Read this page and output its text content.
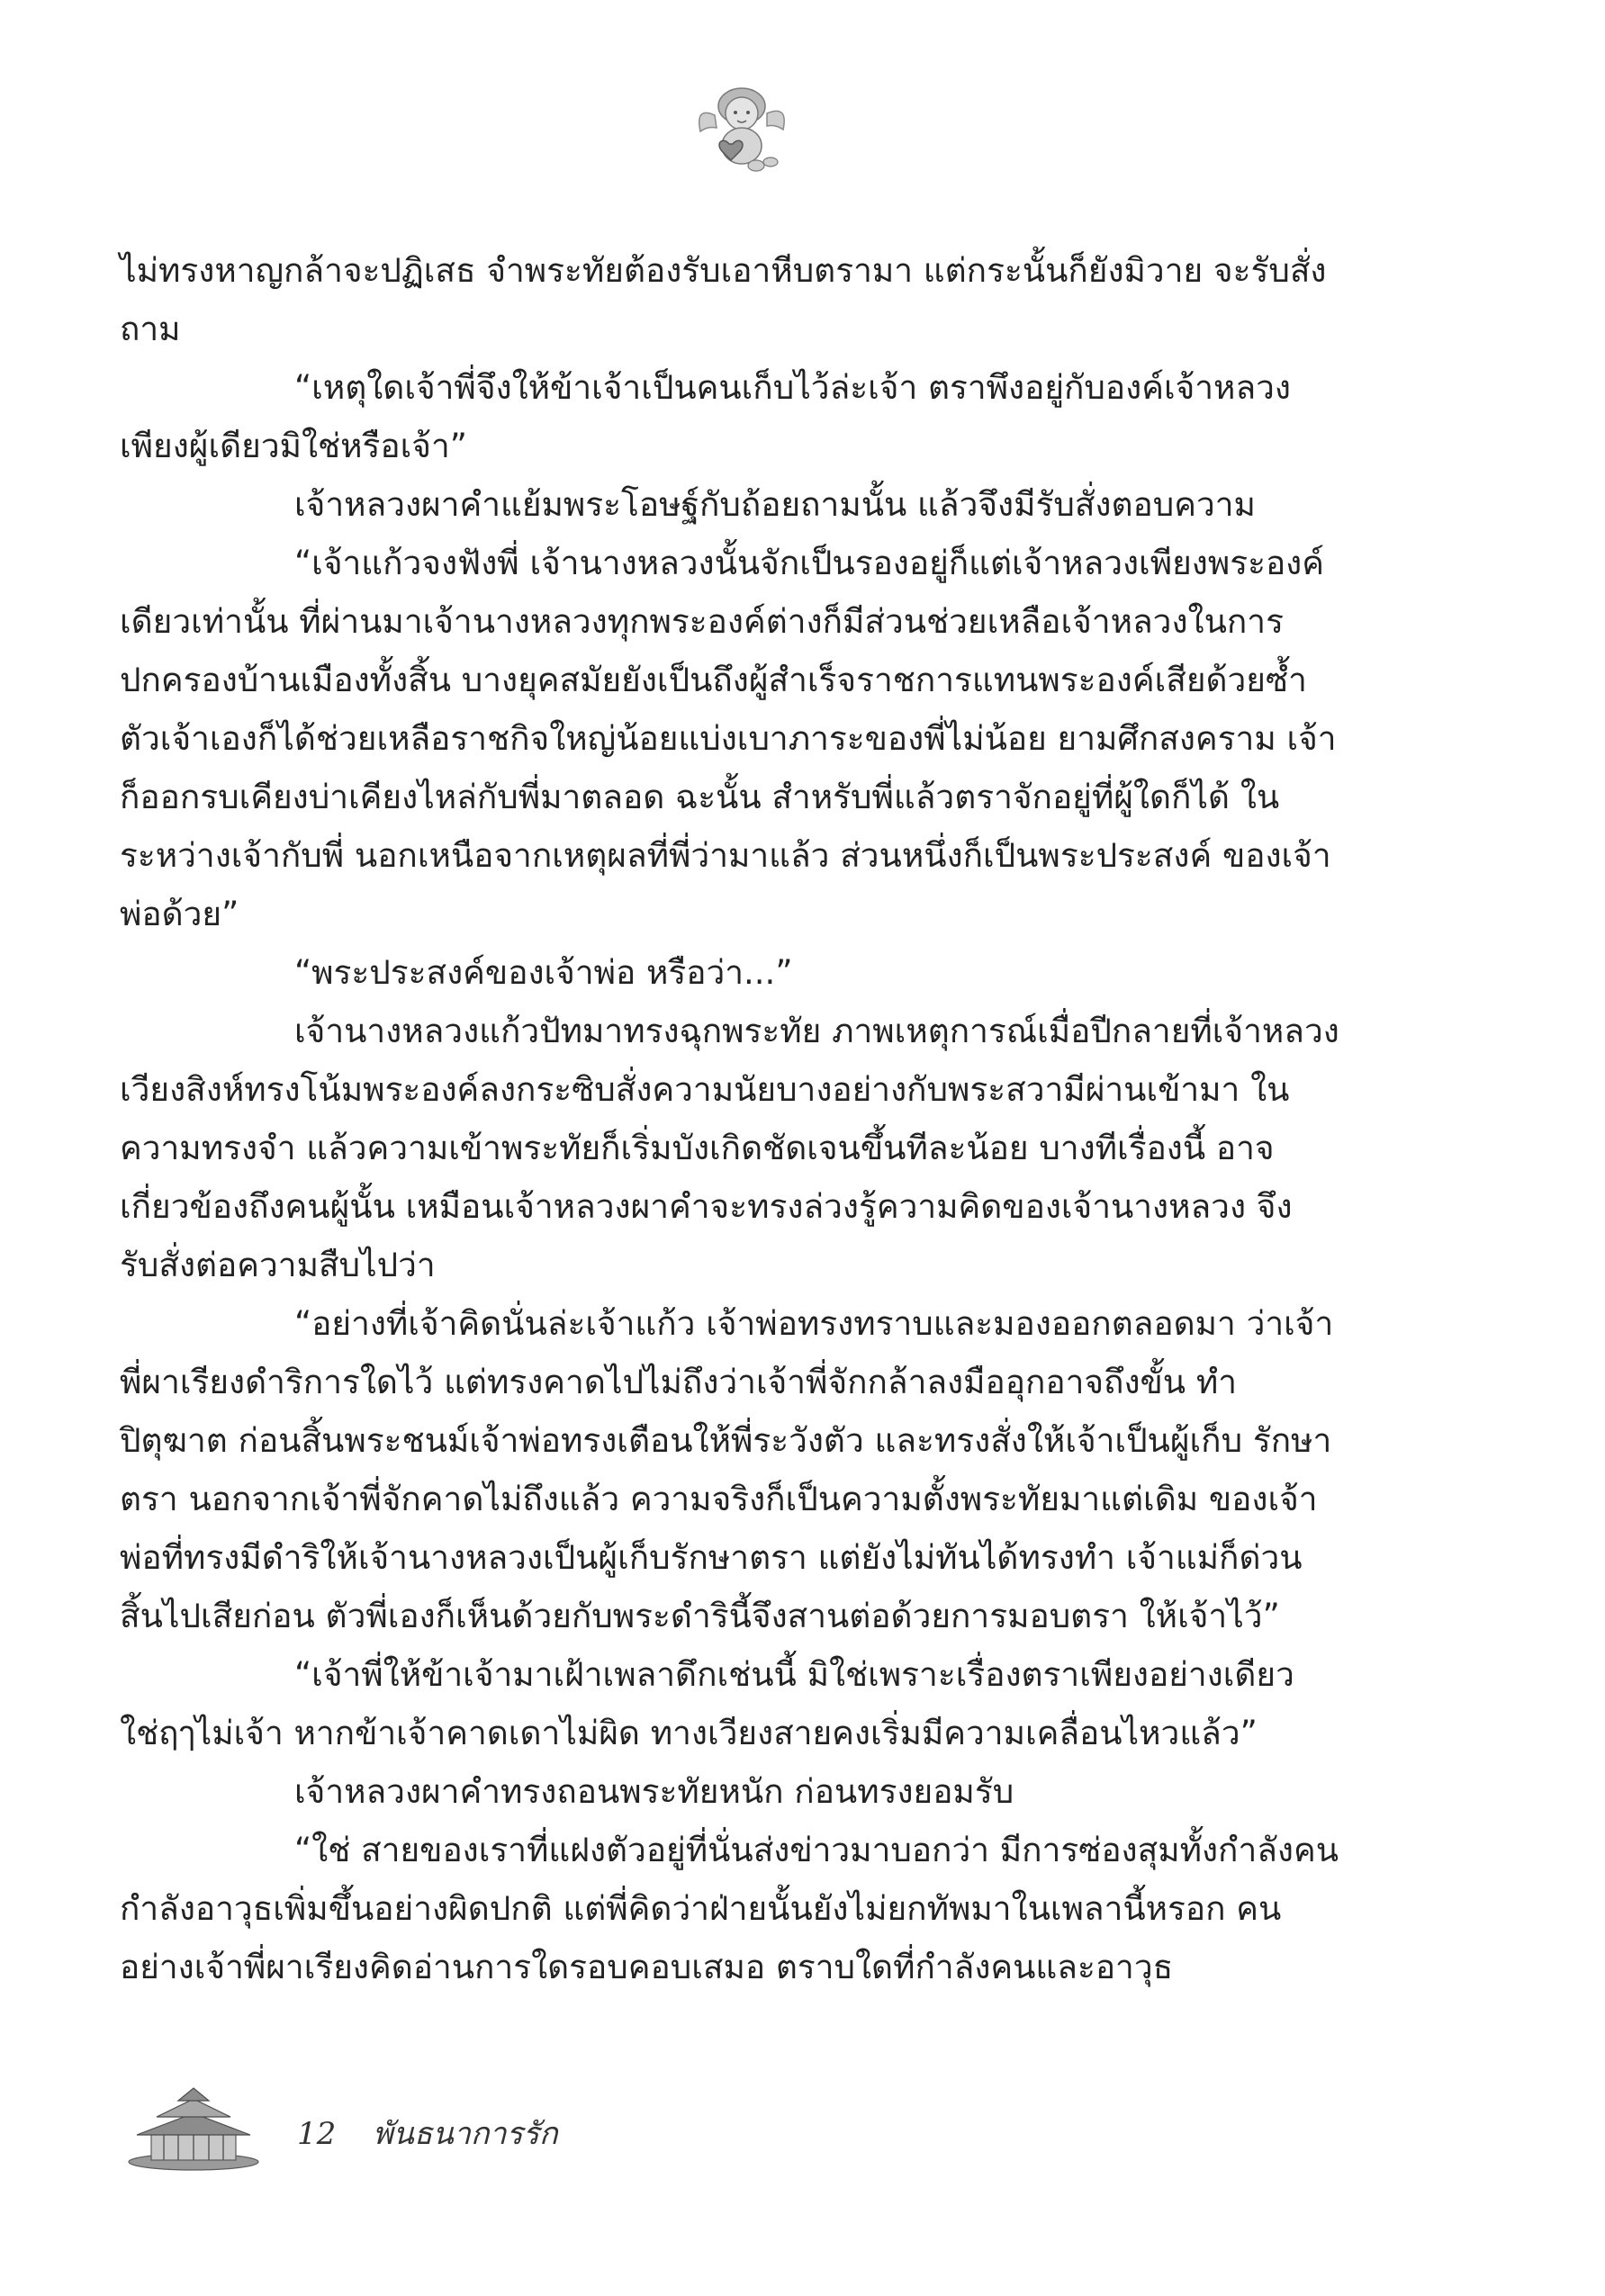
ไม่ทรงหาญกล้าจะปฏิเสธ จำพระทัยต้องรับเอาหีบตรามา แต่กระนั้นก็ยังมิวาย จะรับสั่งถาม

“เหตุใดเจ้าพี่จึงให้ข้าเจ้าเป็นคนเก็บไว้ล่ะเจ้า ตราพึงอยู่กับองค์เจ้าหลวง เพียงผู้เดียวมิใช่หรือเจ้า”

เจ้าหลวงผาคำแย้มพระโอษฐ์กับถ้อยถามนั้น แล้วจึงมีรับสั่งตอบความ

“เจ้าแก้วจงฟังพี่ เจ้านางหลวงนั้นจักเป็นรองอยู่ก็แต่เจ้าหลวงเพียงพระองค์ เดียวเท่านั้น ที่ผ่านมาเจ้านางหลวงทุกพระองค์ต่างก็มีส่วนช่วยเหลือเจ้าหลวงในการ ปกครองบ้านเมืองทั้งสิ้น บางยุคสมัยยังเป็นถึงผู้สำเร็จราชการแทนพระองค์เสียด้วยซ้ำ ตัวเจ้าเองก็ได้ช่วยเหลือราชกิจใหญ่น้อยแบ่งเบาภาระของพี่ไม่น้อย ยามศึกสงคราม เจ้าก็ออกรบเคียงบ่าเคียงไหล่กับพี่มาตลอด ฉะนั้น สำหรับพี่แล้วตราจักอยู่ที่ผู้ใดก็ได้ ในระหว่างเจ้ากับพี่ นอกเหนือจากเหตุผลที่พี่ว่ามาแล้ว ส่วนหนึ่งก็เป็นพระประสงค์ ของเจ้าพ่อด้วย”

“พระประสงค์ของเจ้าพ่อ หรือว่า...”

เจ้านางหลวงแก้วปัทมาทรงฉุกพระทัย ภาพเหตุการณ์เมื่อปีกลายที่เจ้าหลวง เวียงสิงห์ทรงโน้มพระองค์ลงกระซิบสั่งความนัยบางอย่างกับพระสวามีผ่านเข้ามา ในความทรงจำ แล้วความเข้าพระทัยก็เริ่มบังเกิดชัดเจนขึ้นทีละน้อย บางทีเรื่องนี้ อาจเกี่ยวข้องถึงคนผู้นั้น เหมือนเจ้าหลวงผาคำจะทรงล่วงรู้ความคิดของเจ้านางหลวง จึงรับสั่งต่อความสืบไปว่า

“อย่างที่เจ้าคิดนั่นล่ะเจ้าแก้ว เจ้าพ่อทรงทราบและมองออกตลอดมา ว่าเจ้าพี่ผาเรียงดำริการใดไว้ แต่ทรงคาดไปไม่ถึงว่าเจ้าพี่จักกล้าลงมืออุกอาจถึงขั้น ทำปิตุฆาต ก่อนสิ้นพระชนม์เจ้าพ่อทรงเตือนให้พี่ระวังตัว และทรงสั่งให้เจ้าเป็นผู้เก็บ รักษาตรา นอกจากเจ้าพี่จักคาดไม่ถึงแล้ว ความจริงก็เป็นความตั้งพระทัยมาแต่เดิม ของเจ้าพ่อที่ทรงมีดำริให้เจ้านางหลวงเป็นผู้เก็บรักษาตรา แต่ยังไม่ทันได้ทรงทำ เจ้าแม่ก็ด่วนสิ้นไปเสียก่อน ตัวพี่เองก็เห็นด้วยกับพระดำรินี้จึงสานต่อด้วยการมอบตรา ให้เจ้าไว้”

“เจ้าพี่ให้ข้าเจ้ามาเฝ้าเพลาดึกเช่นนี้ มิใช่เพราะเรื่องตราเพียงอย่างเดียว ใช่ฤๅไม่เจ้า หากข้าเจ้าคาดเดาไม่ผิด ทางเวียงสายคงเริ่มมีความเคลื่อนไหวแล้ว”

เจ้าหลวงผาคำทรงถอนพระทัยหนัก ก่อนทรงยอมรับ

“ใช่ สายของเราที่แฝงตัวอยู่ที่นั่นส่งข่าวมาบอกว่า มีการซ่องสุมทั้งกำลังคน กำลังอาวุธเพิ่มขึ้นอย่างผิดปกติ แต่พี่คิดว่าฝ่ายนั้นยังไม่ยกทัพมาในเพลานี้หรอก คนอย่างเจ้าพี่ผาเรียงคิดอ่านการใดรอบคอบเสมอ ตราบใดที่กำลังคนและอาวุธ

12 พันธนาการรัก
